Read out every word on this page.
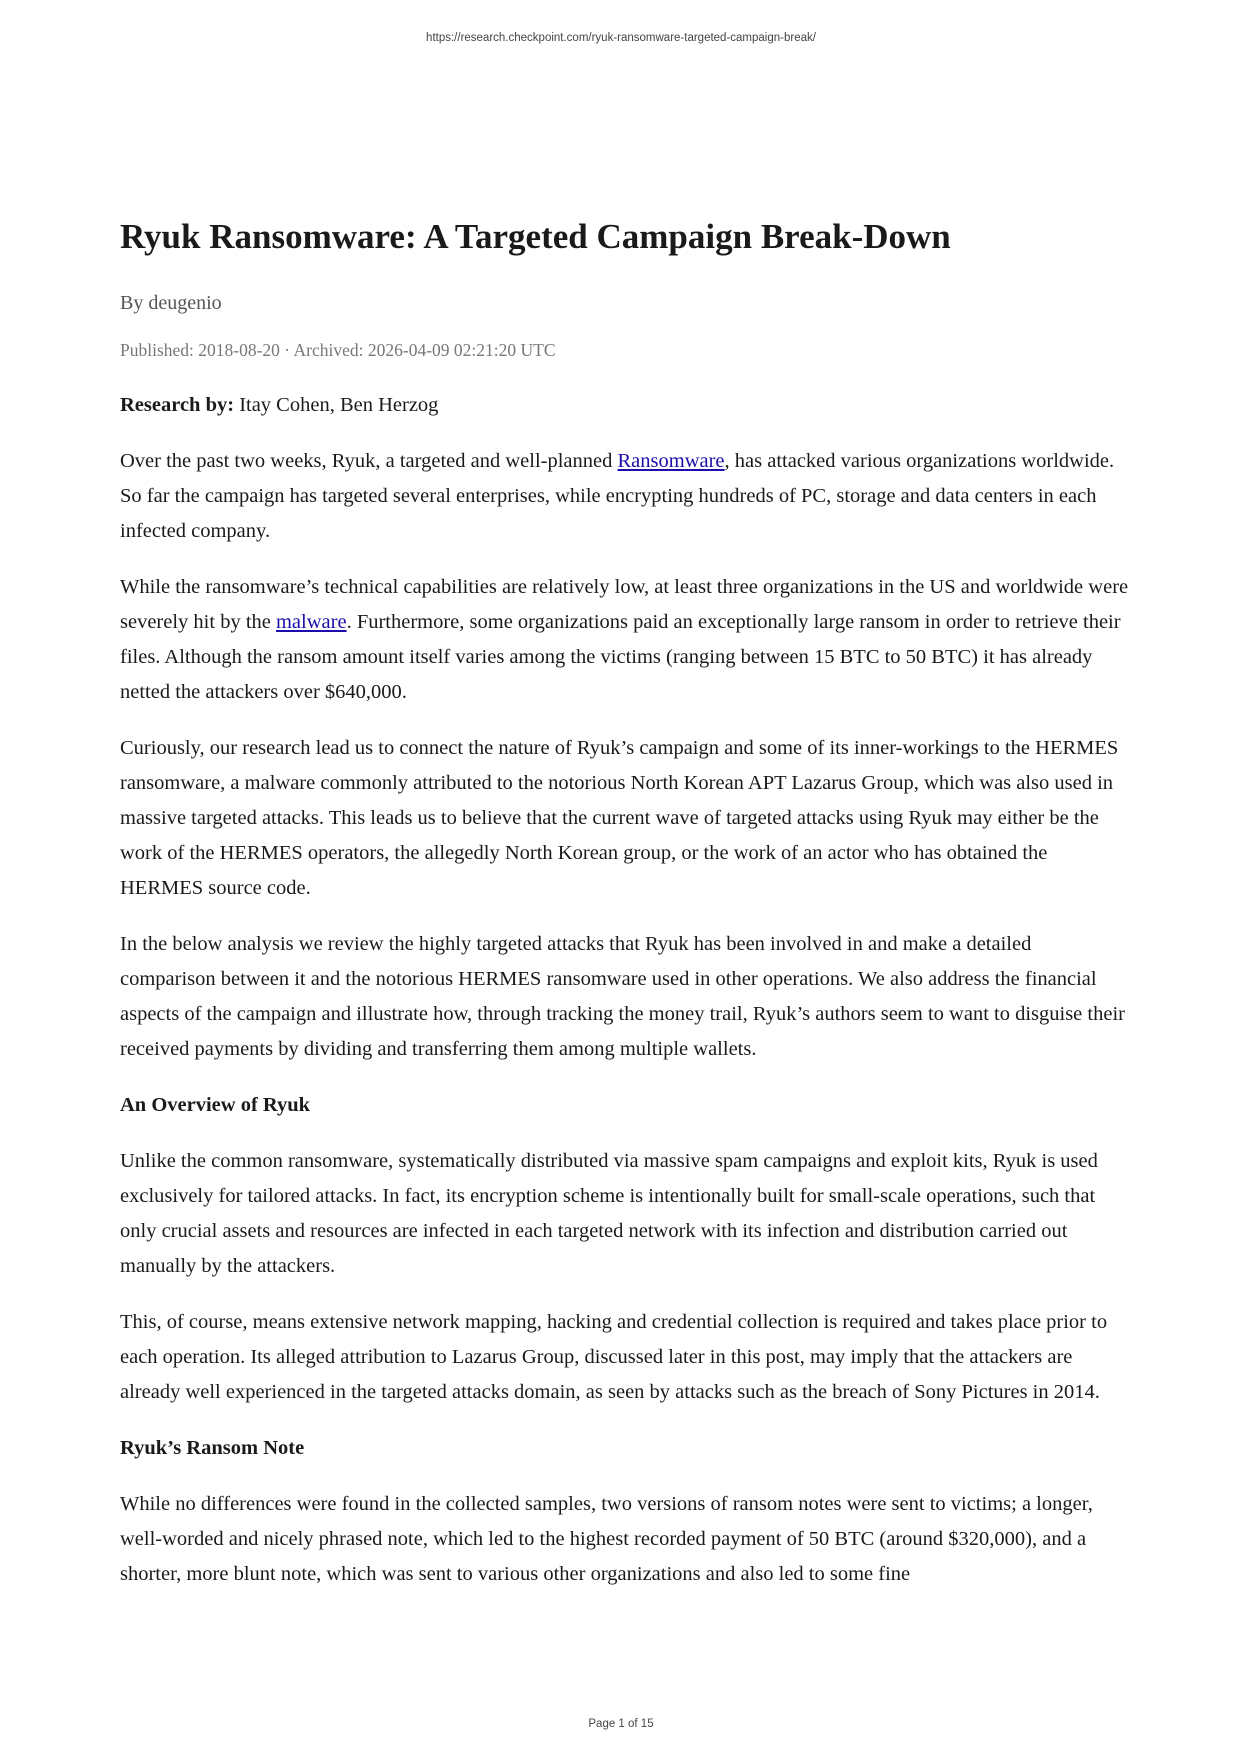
https://research.checkpoint.com/ryuk-ransomware-targeted-campaign-break/
Ryuk Ransomware: A Targeted Campaign Break-Down
By deugenio
Published: 2018-08-20 · Archived: 2026-04-09 02:21:20 UTC

Research by: Itay Cohen, Ben Herzog

Over the past two weeks, Ryuk, a targeted and well-planned Ransomware, has attacked various organizations worldwide. So far the campaign has targeted several enterprises, while encrypting hundreds of PC, storage and data centers in each infected company.

While the ransomware’s technical capabilities are relatively low, at least three organizations in the US and worldwide were severely hit by the malware. Furthermore, some organizations paid an exceptionally large ransom in order to retrieve their files. Although the ransom amount itself varies among the victims (ranging between 15 BTC to 50 BTC) it has already netted the attackers over $640,000.

Curiously, our research lead us to connect the nature of Ryuk’s campaign and some of its inner-workings to the HERMES ransomware, a malware commonly attributed to the notorious North Korean APT Lazarus Group, which was also used in massive targeted attacks. This leads us to believe that the current wave of targeted attacks using Ryuk may either be the work of the HERMES operators, the allegedly North Korean group, or the work of an actor who has obtained the HERMES source code.

In the below analysis we review the highly targeted attacks that Ryuk has been involved in and make a detailed comparison between it and the notorious HERMES ransomware used in other operations. We also address the financial aspects of the campaign and illustrate how, through tracking the money trail, Ryuk’s authors seem to want to disguise their received payments by dividing and transferring them among multiple wallets.

An Overview of Ryuk

Unlike the common ransomware, systematically distributed via massive spam campaigns and exploit kits, Ryuk is used exclusively for tailored attacks. In fact, its encryption scheme is intentionally built for small-scale operations, such that only crucial assets and resources are infected in each targeted network with its infection and distribution carried out manually by the attackers.

This, of course, means extensive network mapping, hacking and credential collection is required and takes place prior to each operation. Its alleged attribution to Lazarus Group, discussed later in this post, may imply that the attackers are already well experienced in the targeted attacks domain, as seen by attacks such as the breach of Sony Pictures in 2014.

Ryuk’s Ransom Note

While no differences were found in the collected samples, two versions of ransom notes were sent to victims; a longer, well-worded and nicely phrased note, which led to the highest recorded payment of 50 BTC (around $320,000), and a shorter, more blunt note, which was sent to various other organizations and also led to some fine

Page 1 of 15
